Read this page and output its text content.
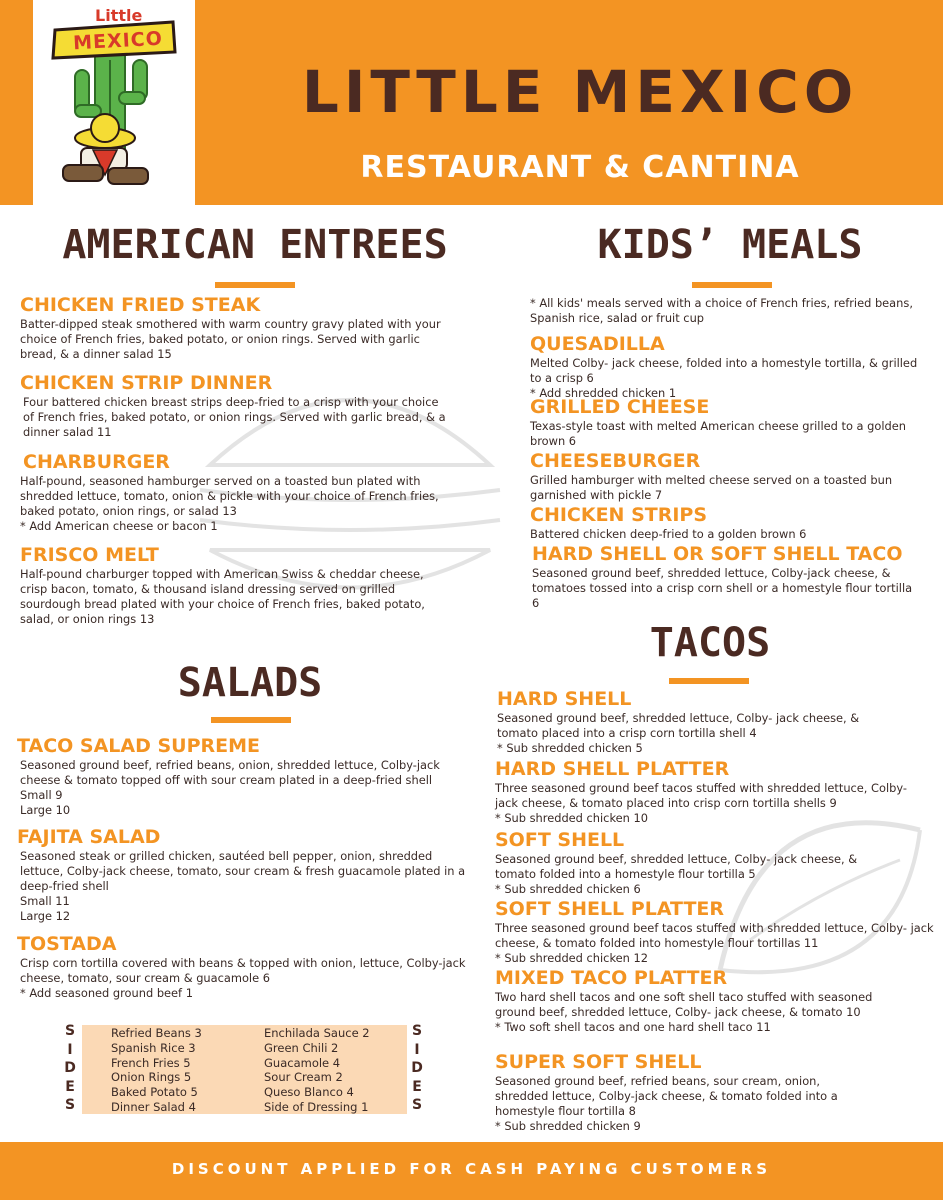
Little
MEXICO
LITTLE MEXICO
RESTAURANT & CANTINA
AMERICAN ENTREES
CHICKEN FRIED STEAK
Batter-dipped steak smothered with warm country gravy plated with your choice of French fries, baked potato, or onion rings. Served with garlic bread, & a dinner salad 15
CHICKEN STRIP DINNER
Four battered chicken breast strips deep-fried to a crisp with your choice of French fries, baked potato, or onion rings. Served with garlic bread, & a dinner salad 11
CHARBURGER
Half-pound, seasoned hamburger served on a toasted bun plated with shredded lettuce, tomato, onion & pickle with your choice of French fries, baked potato, onion rings, or salad 13
* Add American cheese or bacon 1
FRISCO MELT
Half-pound charburger topped with American Swiss & cheddar cheese, crisp bacon, tomato, & thousand island dressing served on grilled sourdough bread plated with your choice of French fries, baked potato, salad, or onion rings 13
SALADS
TACO SALAD SUPREME
Seasoned ground beef, refried beans, onion, shredded lettuce, Colby-jack cheese & tomato topped off with sour cream plated in a deep-fried shell
Small 9
Large 10
FAJITA SALAD
Seasoned steak or grilled chicken, sautéed bell pepper, onion, shredded lettuce, Colby-jack cheese, tomato, sour cream & fresh guacamole plated in a deep-fried shell
Small 11
Large 12
TOSTADA
Crisp corn tortilla covered with beans & topped with onion, lettuce, Colby-jack cheese, tomato, sour cream & guacamole 6
* Add seasoned ground beef 1
S
I
D
E
S
S
I
D
E
S
Refried Beans 3
Spanish Rice 3
French Fries 5
Onion Rings 5
Baked Potato 5
Dinner Salad 4
Enchilada Sauce 2
Green Chili 2
Guacamole 4
Sour Cream 2
Queso Blanco 4
Side of Dressing 1
KIDS’ MEALS
* All kids' meals served with a choice of French fries, refried beans, Spanish rice, salad or fruit cup
QUESADILLA
Melted Colby- jack cheese, folded into a homestyle tortilla, & grilled to a crisp 6
* Add shredded chicken 1
GRILLED CHEESE
Texas-style toast with melted American cheese grilled to a golden brown 6
CHEESEBURGER
Grilled hamburger with melted cheese served on a toasted bun garnished with pickle 7
CHICKEN STRIPS
Battered chicken deep-fried to a golden brown 6
HARD SHELL OR SOFT SHELL TACO
Seasoned ground beef, shredded lettuce, Colby-jack cheese, & tomatoes tossed into a crisp corn shell or a homestyle flour tortilla 6
TACOS
HARD SHELL
Seasoned ground beef, shredded lettuce, Colby- jack cheese, & tomato placed into a crisp corn tortilla shell 4
* Sub shredded chicken 5
HARD SHELL PLATTER
Three seasoned ground beef tacos stuffed with shredded lettuce, Colby- jack cheese, & tomato placed into crisp corn tortilla shells 9
* Sub shredded chicken 10
SOFT SHELL
Seasoned ground beef, shredded lettuce, Colby- jack cheese, & tomato folded into a homestyle flour tortilla 5
* Sub shredded chicken 6
SOFT SHELL PLATTER
Three seasoned ground beef tacos stuffed with shredded lettuce, Colby- jack cheese, & tomato folded into homestyle flour tortillas 11
* Sub shredded chicken 12
MIXED TACO PLATTER
Two hard shell tacos and one soft shell taco stuffed with seasoned ground beef, shredded lettuce, Colby- jack cheese, & tomato 10
* Two soft shell tacos and one hard shell taco 11
SUPER SOFT SHELL
Seasoned ground beef, refried beans, sour cream, onion, shredded lettuce, Colby-jack cheese, & tomato folded into a homestyle flour tortilla 8
* Sub shredded chicken 9
DISCOUNT APPLIED FOR CASH PAYING CUSTOMERS
